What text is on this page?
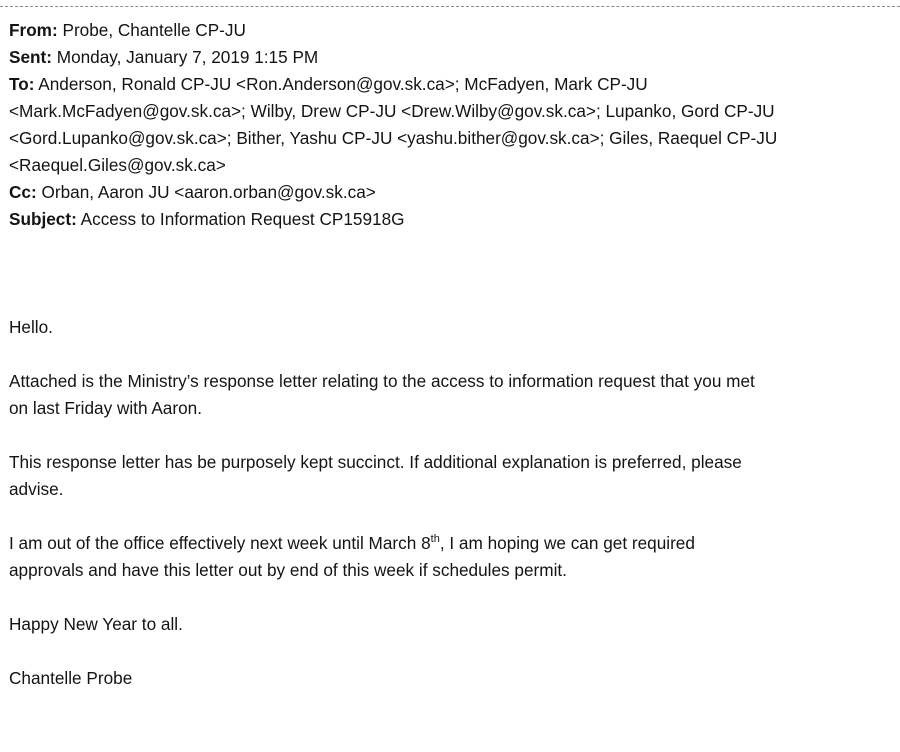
From: Probe, Chantelle CP-JU

Sent: Monday, January 7, 2019 1:15 PM

To: Anderson, Ronald CP-JU <Ron.Anderson@gov.sk.ca>; McFadyen, Mark CP-JU

<Mark.McFadyen@gov.sk.ca>; Wilby, Drew CP-JU <Drew.Wilby@gov.sk.ca>; Lupanko, Gord CP-JU

<Gord.Lupanko@gov.sk.ca>; Bither, Yashu CP-JU <yashu.bither@gov.sk.ca>; Giles, Raequel CP-JU

<Raequel.Giles@gov.sk.ca>

Cc: Orban, Aaron JU <aaron.orban@gov.sk.ca>

Subject: Access to Information Request CP15918G

Hello.

Attached is the Ministry’s response letter relating to the access to information request that you met
on last Friday with Aaron.

This response letter has be purposely kept succinct. If additional explanation is preferred, please
advise.

I am out of the office effectively next week until March 8th, I am hoping we can get required
approvals and have this letter out by end of this week if schedules permit.

Happy New Year to all.

Chantelle Probe
